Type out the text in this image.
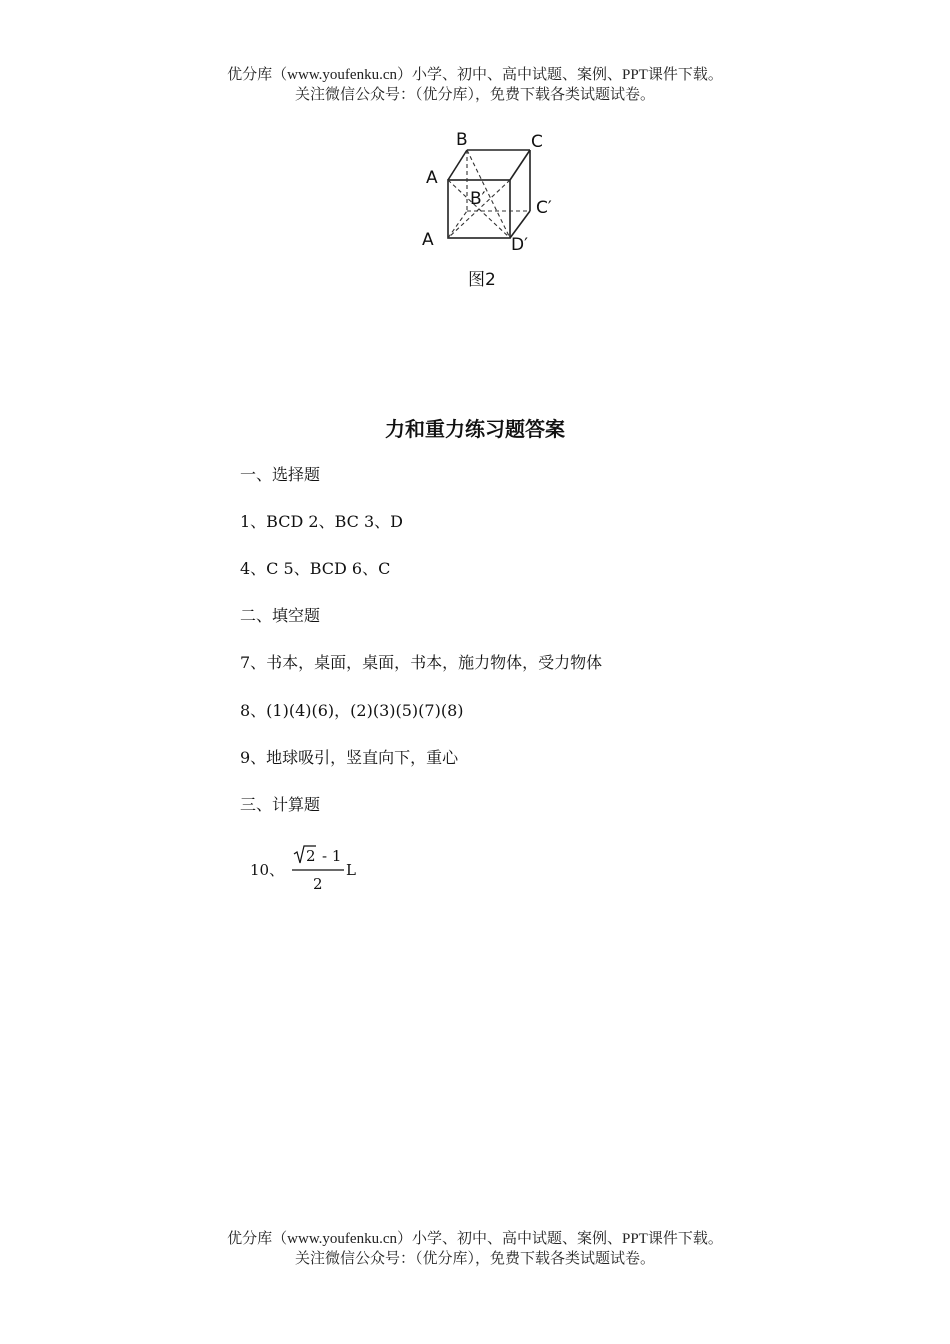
优分库（www.youfenku.cn）小学、初中、高中试题、案例、PPT课件下载。
关注微信公众号：（优分库），免费下载各类试题试卷。
B	C
A
B′	C′
A	D′
图2
力和重力练习题答案
一、选择题
1、BCD 2、BC 3、D
4、C 5、BCD 6、C
二、填空题
7、书本，桌面，桌面，书本，施力物体，受力物体
8、(1)(4)(6)，(2)(3)(5)(7)(8)
9、地球吸引，竖直向下，重心
三、计算题
10、
2 - 1
2
L
优分库（www.youfenku.cn）小学、初中、高中试题、案例、PPT课件下载。
关注微信公众号：（优分库），免费下载各类试题试卷。
